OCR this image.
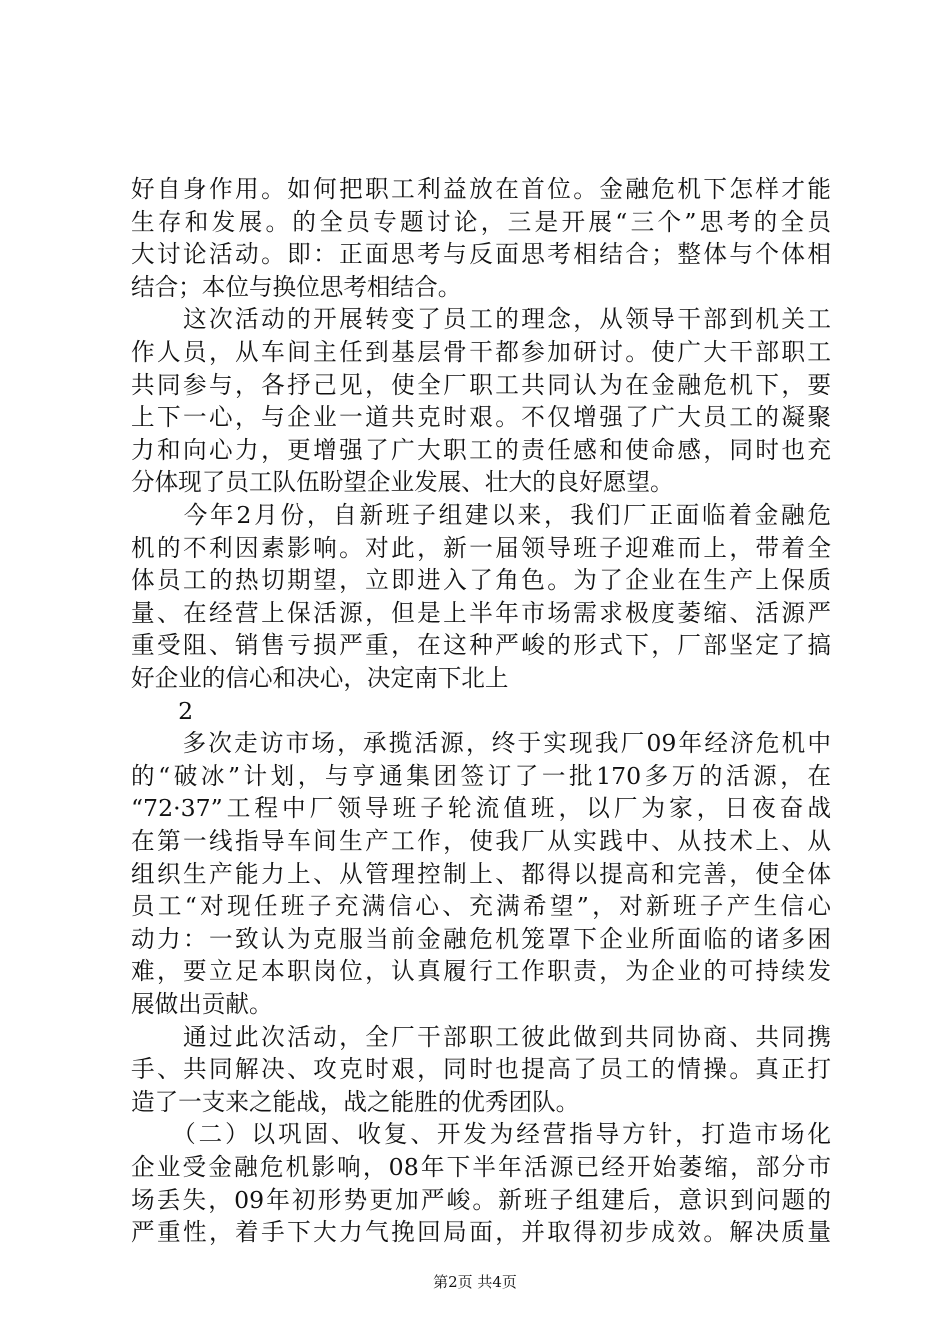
好自身作用。如何把职工利益放在首位。金融危机下怎样才能
生存和发展。的全员专题讨论，三是开展“三个”思考的全员
大讨论活动。即：正面思考与反面思考相结合；整体与个体相
结合；本位与换位思考相结合。
　　这次活动的开展转变了员工的理念，从领导干部到机关工
作人员，从车间主任到基层骨干都参加研讨。使广大干部职工
共同参与，各抒己见，使全厂职工共同认为在金融危机下，要
上下一心，与企业一道共克时艰。不仅增强了广大员工的凝聚
力和向心力，更增强了广大职工的责任感和使命感，同时也充
分体现了员工队伍盼望企业发展、壮大的良好愿望。
　　今年2月份，自新班子组建以来，我们厂正面临着金融危
机的不利因素影响。对此，新一届领导班子迎难而上，带着全
体员工的热切期望，立即进入了角色。为了企业在生产上保质
量、在经营上保活源，但是上半年市场需求极度萎缩、活源严
重受阻、销售亏损严重，在这种严峻的形式下，厂部坚定了搞
好企业的信心和决心，决定南下北上
　　2
　　多次走访市场，承揽活源，终于实现我厂09年经济危机中
的“破冰”计划，与亨通集团签订了一批170多万的活源，在
“72·37”工程中厂领导班子轮流值班，以厂为家，日夜奋战
在第一线指导车间生产工作，使我厂从实践中、从技术上、从
组织生产能力上、从管理控制上、都得以提高和完善，使全体
员工“对现任班子充满信心、充满希望”，对新班子产生信心
动力：一致认为克服当前金融危机笼罩下企业所面临的诸多困
难，要立足本职岗位，认真履行工作职责，为企业的可持续发
展做出贡献。
　　通过此次活动，全厂干部职工彼此做到共同协商、共同携
手、共同解决、攻克时艰，同时也提高了员工的情操。真正打
造了一支来之能战，战之能胜的优秀团队。
　　（二）以巩固、收复、开发为经营指导方针，打造市场化
企业受金融危机影响，08年下半年活源已经开始萎缩，部分市
场丢失，09年初形势更加严峻。新班子组建后，意识到问题的
严重性，着手下大力气挽回局面，并取得初步成效。解决质量
第2页 共4页
